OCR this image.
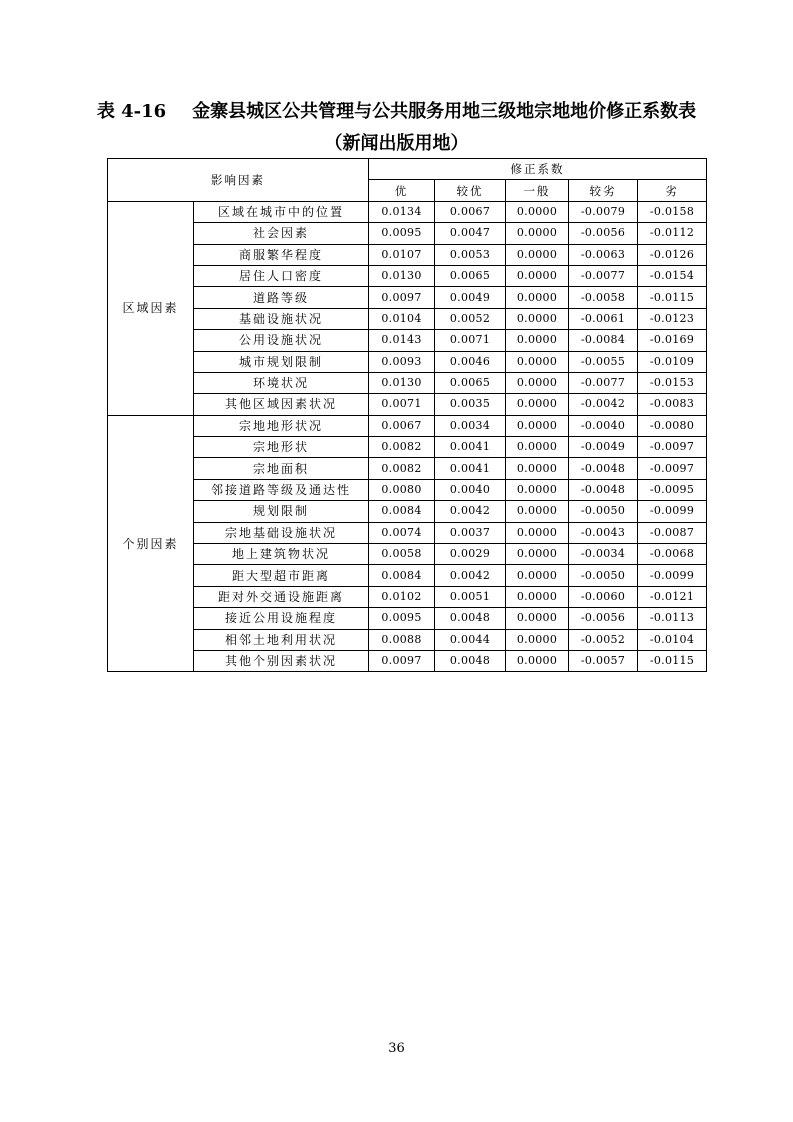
表 4-16 金寨县城区公共管理与公共服务用地三级地宗地地价修正系数表
（新闻出版用地）
影响因素		修正系数				
		优	较优	一般	较劣	劣
区域因素	区域在城市中的位置	0.0134	0.0067	0.0000	-0.0079	-0.0158
	社会因素	0.0095	0.0047	0.0000	-0.0056	-0.0112
	商服繁华程度	0.0107	0.0053	0.0000	-0.0063	-0.0126
	居住人口密度	0.0130	0.0065	0.0000	-0.0077	-0.0154
	道路等级	0.0097	0.0049	0.0000	-0.0058	-0.0115
	基础设施状况	0.0104	0.0052	0.0000	-0.0061	-0.0123
	公用设施状况	0.0143	0.0071	0.0000	-0.0084	-0.0169
	城市规划限制	0.0093	0.0046	0.0000	-0.0055	-0.0109
	环境状况	0.0130	0.0065	0.0000	-0.0077	-0.0153
	其他区域因素状况	0.0071	0.0035	0.0000	-0.0042	-0.0083
个别因素	宗地地形状况	0.0067	0.0034	0.0000	-0.0040	-0.0080
	宗地形状	0.0082	0.0041	0.0000	-0.0049	-0.0097
	宗地面积	0.0082	0.0041	0.0000	-0.0048	-0.0097
	邻接道路等级及通达性	0.0080	0.0040	0.0000	-0.0048	-0.0095
	规划限制	0.0084	0.0042	0.0000	-0.0050	-0.0099
	宗地基础设施状况	0.0074	0.0037	0.0000	-0.0043	-0.0087
	地上建筑物状况	0.0058	0.0029	0.0000	-0.0034	-0.0068
	距大型超市距离	0.0084	0.0042	0.0000	-0.0050	-0.0099
	距对外交通设施距离	0.0102	0.0051	0.0000	-0.0060	-0.0121
	接近公用设施程度	0.0095	0.0048	0.0000	-0.0056	-0.0113
	相邻土地利用状况	0.0088	0.0044	0.0000	-0.0052	-0.0104
	其他个别因素状况	0.0097	0.0048	0.0000	-0.0057	-0.0115
36
